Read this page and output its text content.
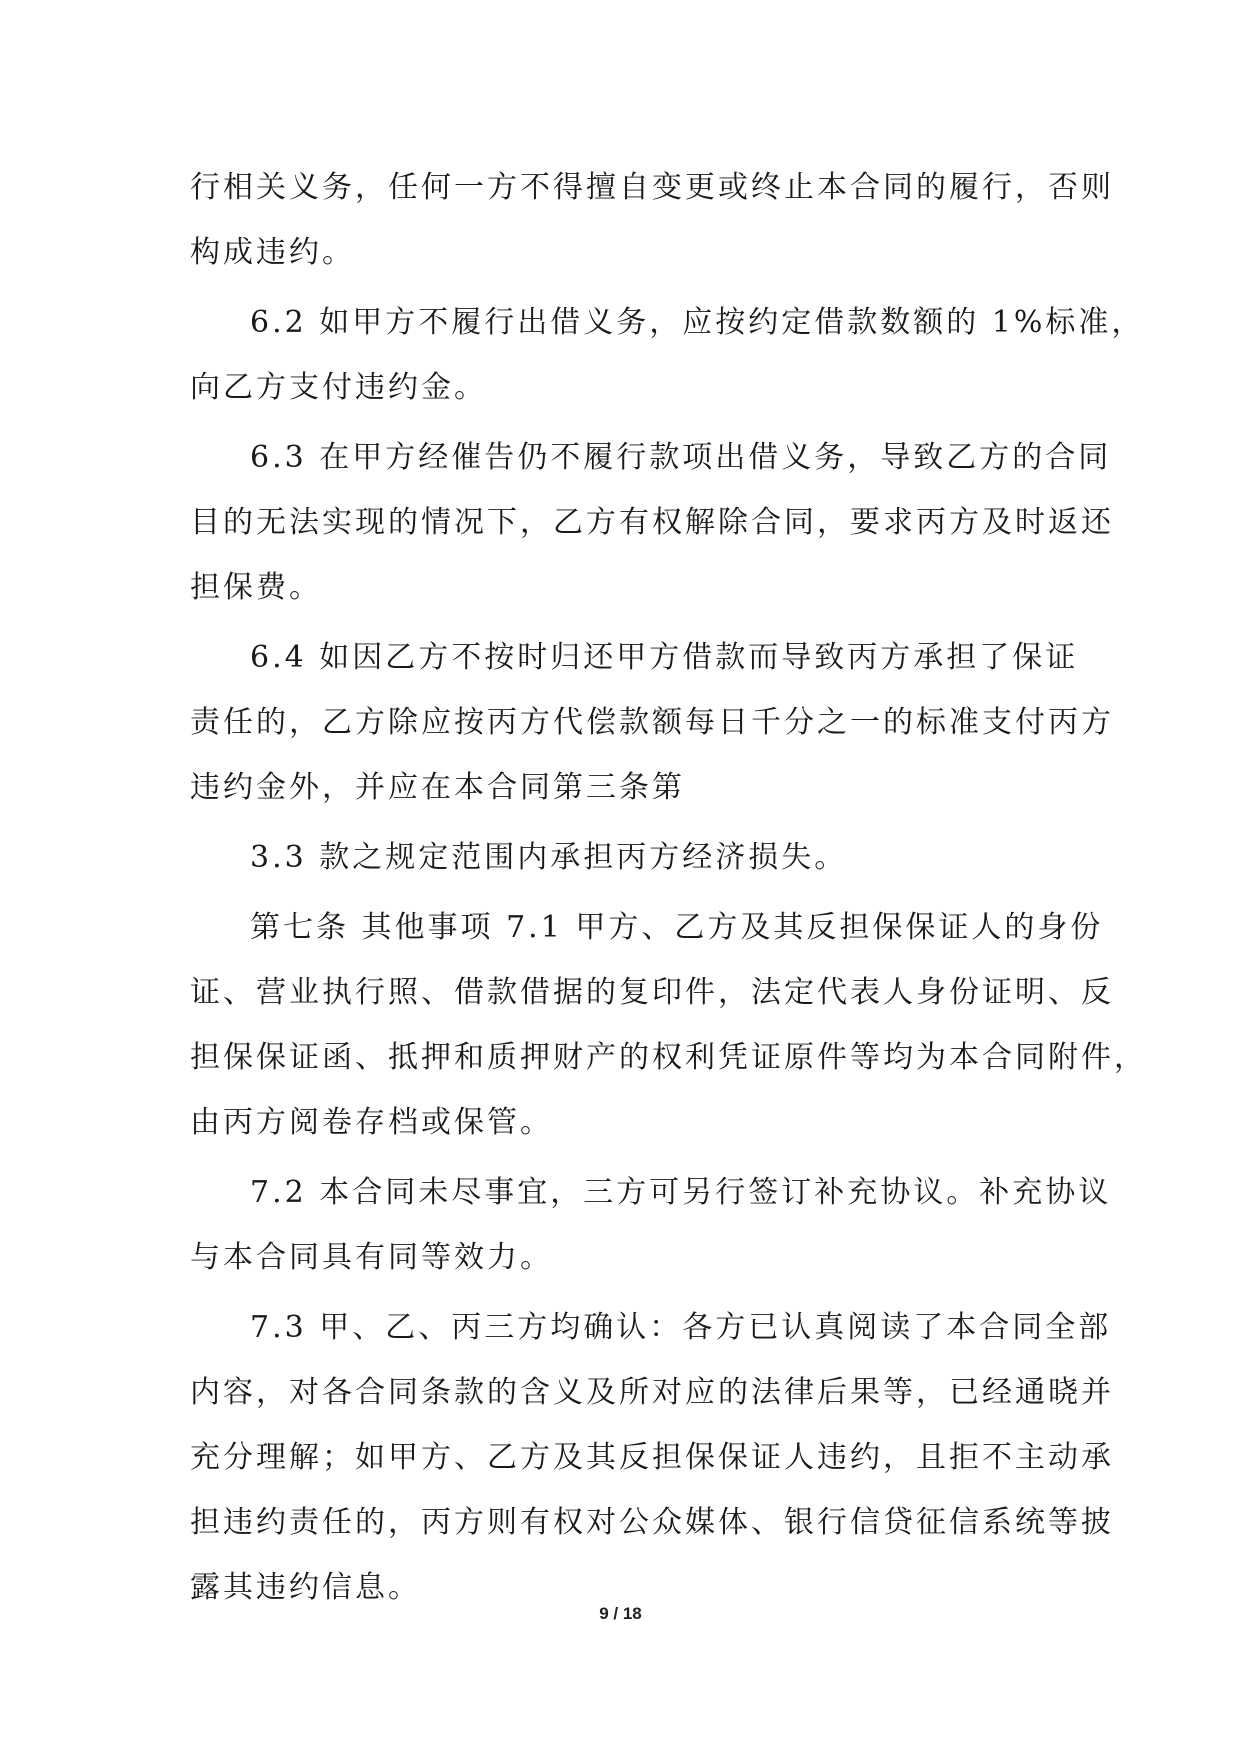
行相关义务，任何一方不得擅自变更或终止本合同的履行，否则
构成违约。

6.2 如甲方不履行出借义务，应按约定借款数额的 1%标准，
向乙方支付违约金。

6.3 在甲方经催告仍不履行款项出借义务，导致乙方的合同
目的无法实现的情况下，乙方有权解除合同，要求丙方及时返还
担保费。

6.4 如因乙方不按时归还甲方借款而导致丙方承担了保证
责任的，乙方除应按丙方代偿款额每日千分之一的标准支付丙方
违约金外，并应在本合同第三条第

3.3 款之规定范围内承担丙方经济损失。

第七条 其他事项 7.1 甲方、乙方及其反担保保证人的身份
证、营业执行照、借款借据的复印件，法定代表人身份证明、反
担保保证函、抵押和质押财产的权利凭证原件等均为本合同附件，
由丙方阅卷存档或保管。

7.2 本合同未尽事宜，三方可另行签订补充协议。补充协议
与本合同具有同等效力。

7.3 甲、乙、丙三方均确认：各方已认真阅读了本合同全部
内容，对各合同条款的含义及所对应的法律后果等，已经通晓并
充分理解；如甲方、乙方及其反担保保证人违约，且拒不主动承
担违约责任的，丙方则有权对公众媒体、银行信贷征信系统等披
露其违约信息。

9 / 18
